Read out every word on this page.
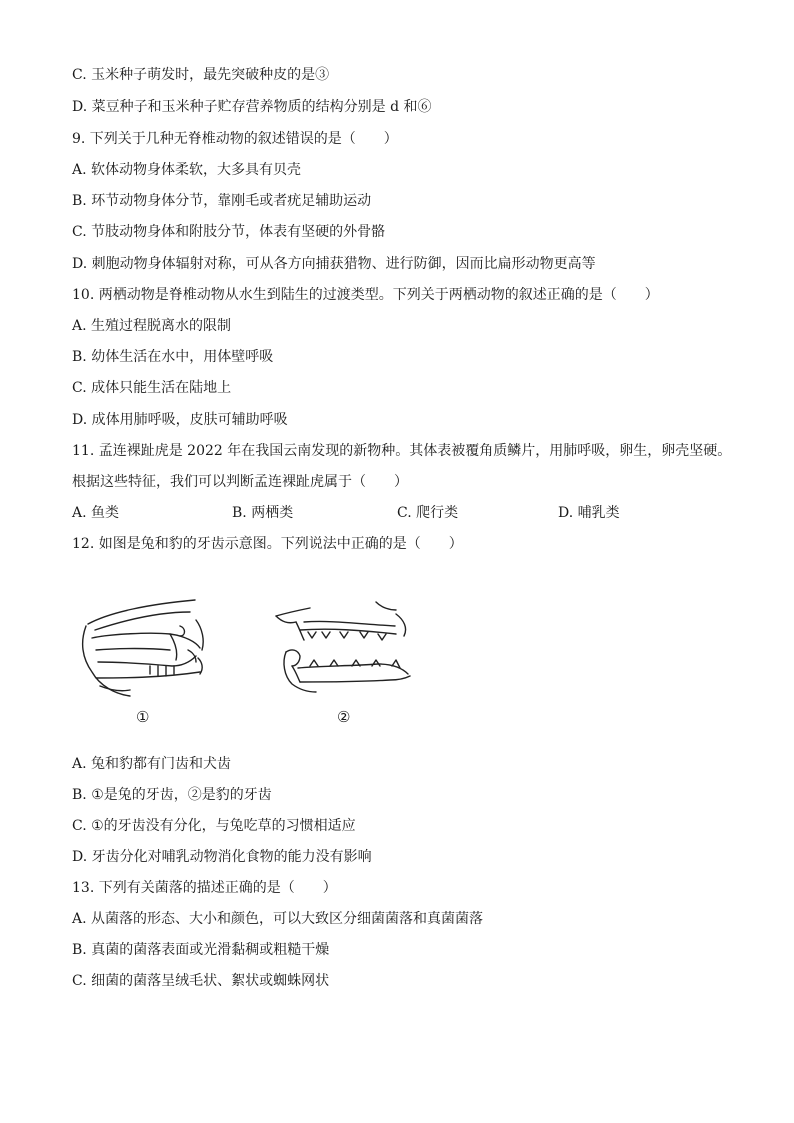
C. 玉米种子萌发时，最先突破种皮的是③
D. 菜豆种子和玉米种子贮存营养物质的结构分别是 d 和⑥
9. 下列关于几种无脊椎动物的叙述错误的是（　　）
A. 软体动物身体柔软，大多具有贝壳
B. 环节动物身体分节，靠刚毛或者疣足辅助运动
C. 节肢动物身体和附肢分节，体表有坚硬的外骨骼
D. 刺胞动物身体辐射对称，可从各方向捕获猎物、进行防御，因而比扁形动物更高等
10. 两栖动物是脊椎动物从水生到陆生的过渡类型。下列关于两栖动物的叙述正确的是（　　）
A. 生殖过程脱离水的限制
B. 幼体生活在水中，用体壁呼吸
C. 成体只能生活在陆地上
D. 成体用肺呼吸，皮肤可辅助呼吸
11. 孟连裸趾虎是 2022 年在我国云南发现的新物种。其体表被覆角质鳞片，用肺呼吸，卵生，卵壳坚硬。
根据这些特征，我们可以判断孟连裸趾虎属于（　　）
A. 鱼类	B. 两栖类	C. 爬行类	D. 哺乳类
12. 如图是兔和豹的牙齿示意图。下列说法中正确的是（　　）
①	②
A. 兔和豹都有门齿和犬齿
B. ①是兔的牙齿，②是豹的牙齿
C. ①的牙齿没有分化，与兔吃草的习惯相适应
D. 牙齿分化对哺乳动物消化食物的能力没有影响
13. 下列有关菌落的描述正确的是（　　）
A. 从菌落的形态、大小和颜色，可以大致区分细菌菌落和真菌菌落
B. 真菌的菌落表面或光滑黏稠或粗糙干燥
C. 细菌的菌落呈绒毛状、絮状或蜘蛛网状
